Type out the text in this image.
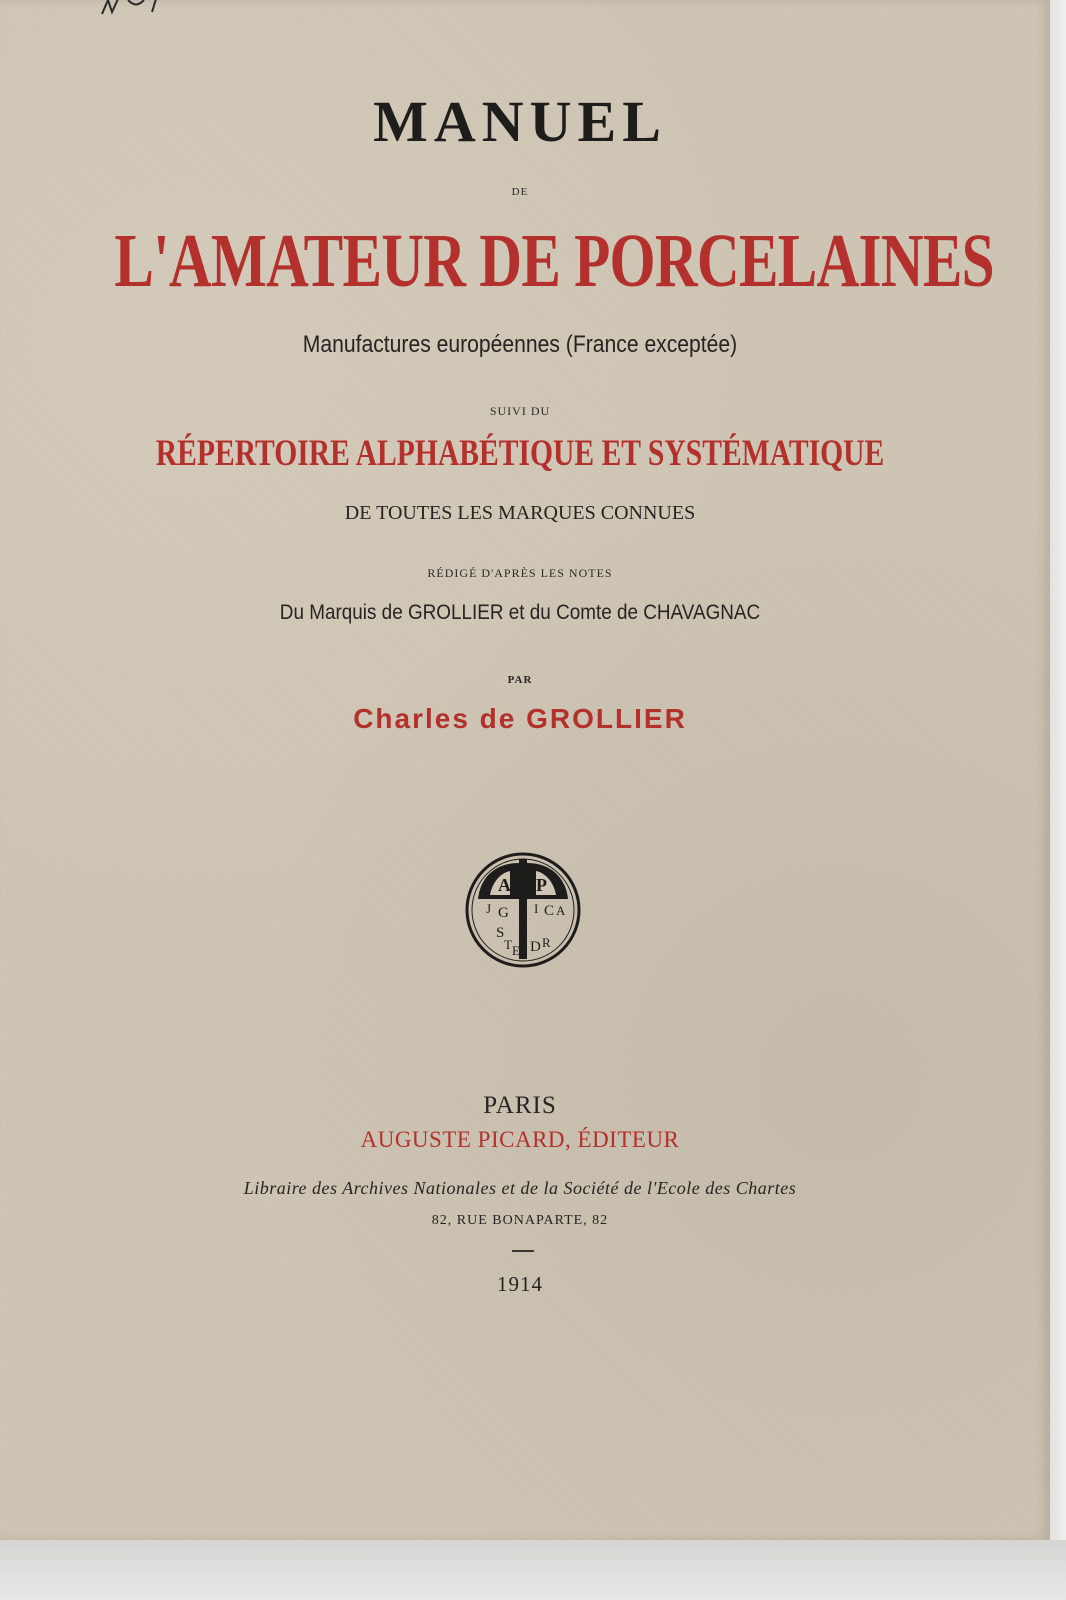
MANUEL

DE

L'AMATEUR DE PORCELAINES

Manufactures européennes (France exceptée)

SUIVI DU

RÉPERTOIRE ALPHABÉTIQUE ET SYSTÉMATIQUE

DE TOUTES LES MARQUES CONNUES

RÉDIGÉ D'APRÈS LES NOTES

Du Marquis de GROLLIER et du Comte de CHAVAGNAC

PAR

Charles de GROLLIER

A P
J G I C A
S
T E D R

PARIS

AUGUSTE PICARD, ÉDITEUR

Libraire des Archives Nationales et de la Société de l'Ecole des Chartes

82, RUE BONAPARTE, 82

1914
